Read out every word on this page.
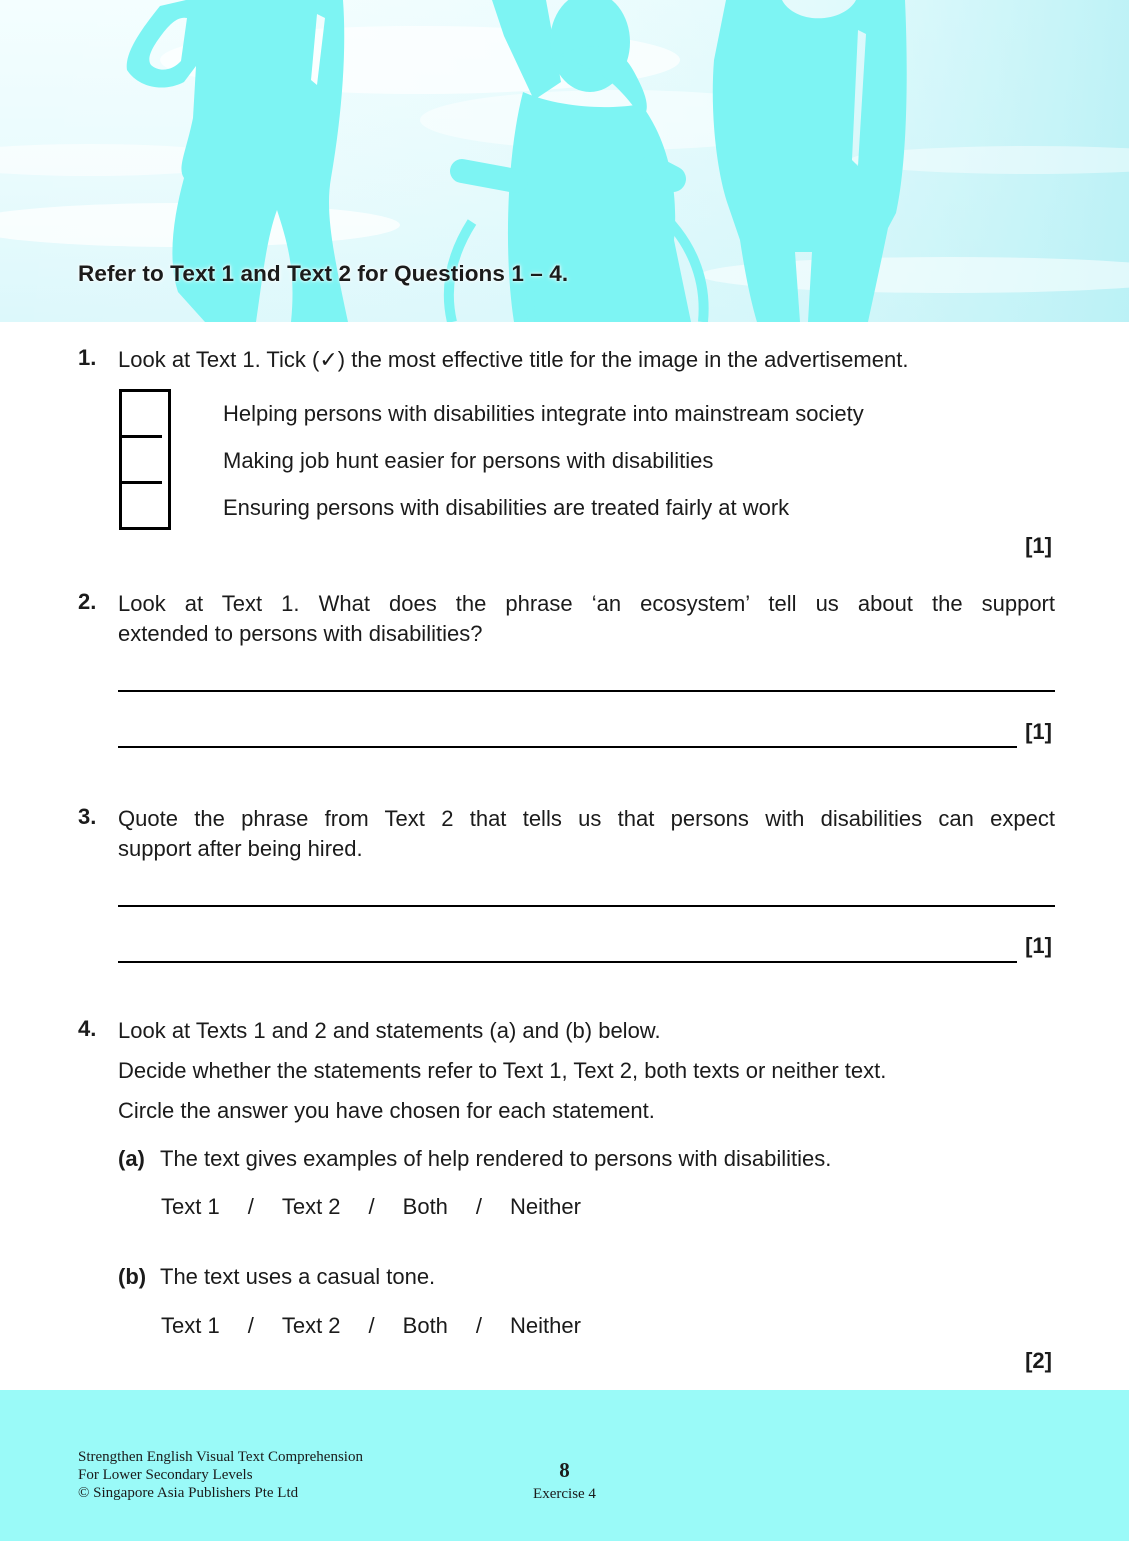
Refer to Text 1 and Text 2 for Questions 1 – 4.
1. Look at Text 1. Tick (✓) the most effective title for the image in the advertisement.
Helping persons with disabilities integrate into mainstream society
Making job hunt easier for persons with disabilities
Ensuring persons with disabilities are treated fairly at work
[1]
2. Look at Text 1. What does the phrase ‘an ecosystem’ tell us about the support
extended to persons with disabilities?
[1]
3. Quote the phrase from Text 2 that tells us that persons with disabilities can expect
support after being hired.
[1]
4. Look at Texts 1 and 2 and statements (a) and (b) below.

Decide whether the statements refer to Text 1, Text 2, both texts or neither text.

Circle the answer you have chosen for each statement.

(a) The text gives examples of help rendered to persons with disabilities.
Text 1 / Text 2 / Both / Neither
(b) The text uses a casual tone.
Text 1 / Text 2 / Both / Neither
[2]
Strengthen English Visual Text Comprehension
For Lower Secondary Levels
© Singapore Asia Publishers Pte Ltd
8
Exercise 4
